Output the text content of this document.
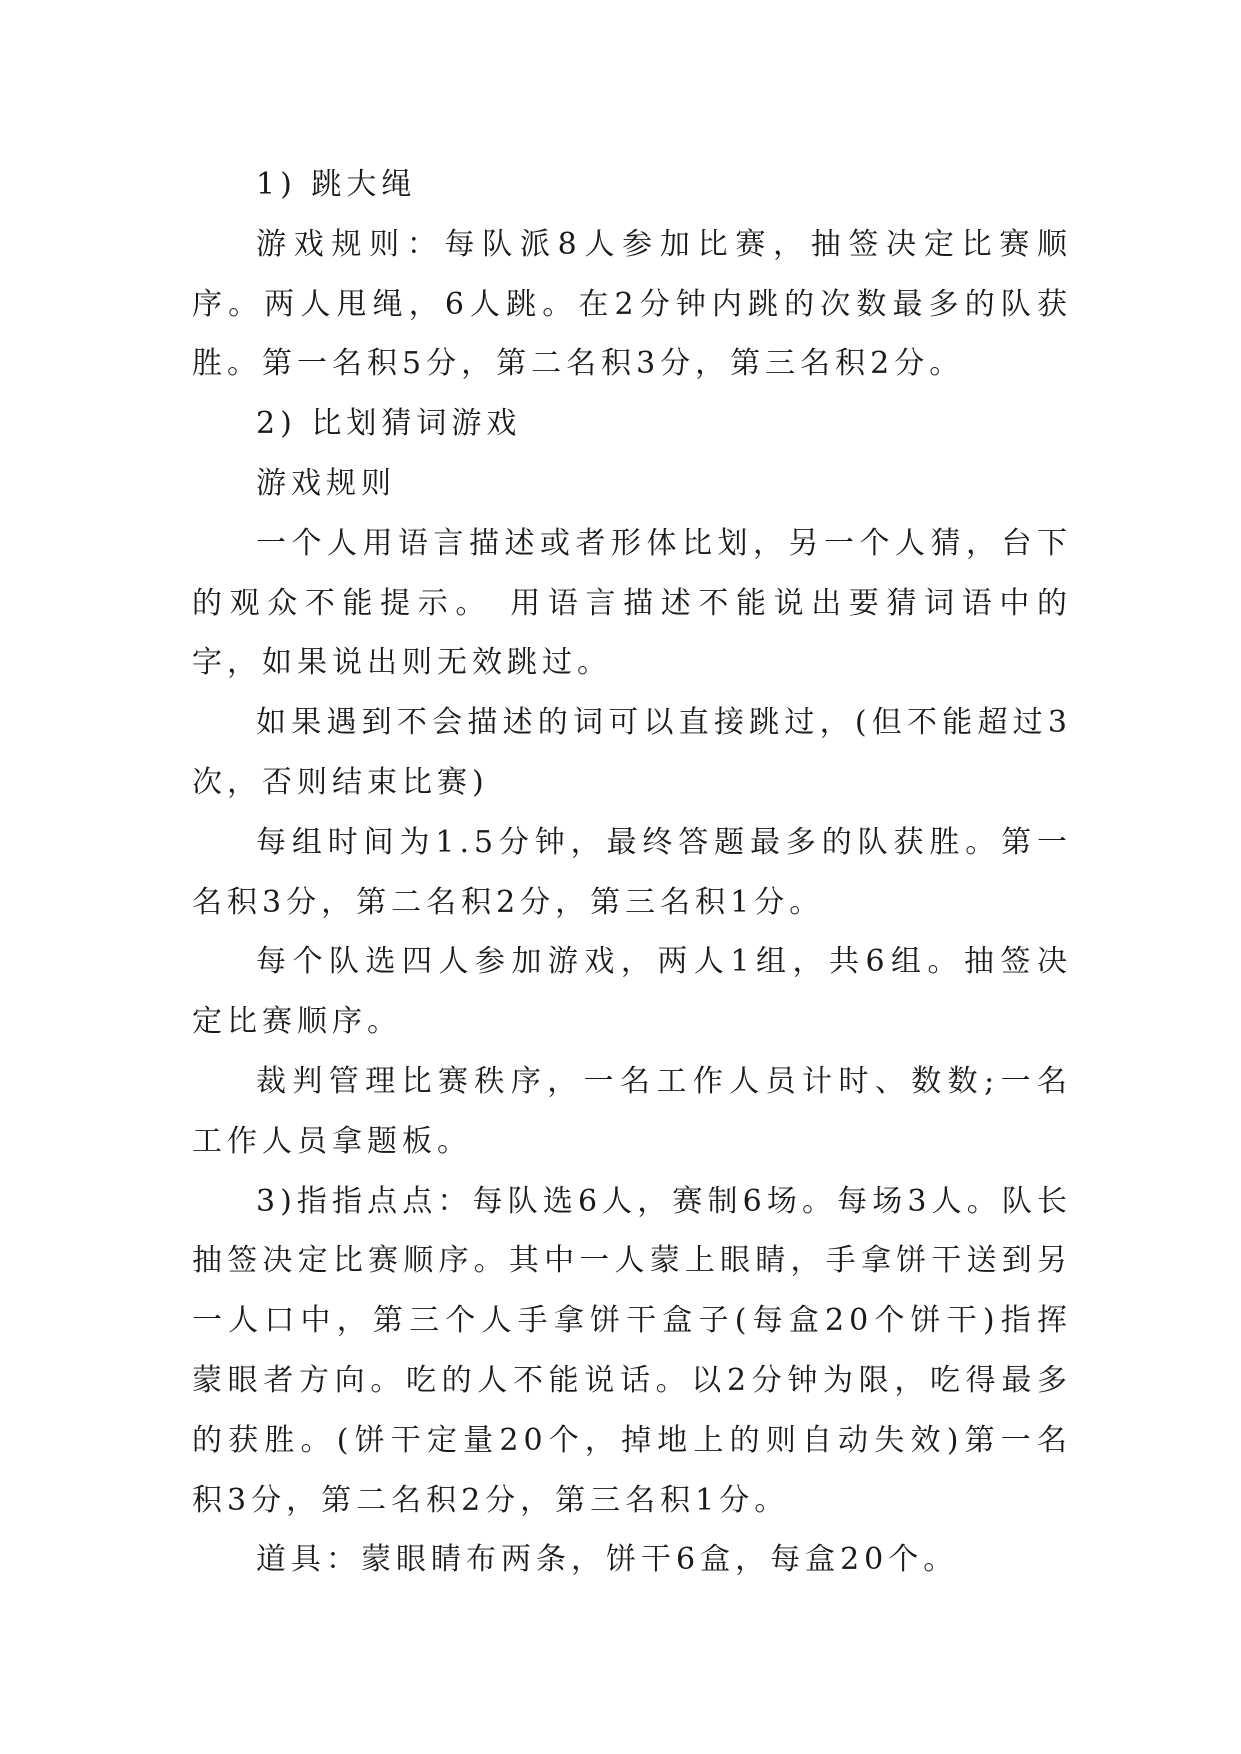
1) 跳大绳

游戏规则：每队派8人参加比赛，抽签决定比赛顺序。两人甩绳，6人跳。在2分钟内跳的次数最多的队获胜。第一名积5分，第二名积3分，第三名积2分。

2) 比划猜词游戏

游戏规则

一个人用语言描述或者形体比划，另一个人猜，台下的观众不能提示。 用语言描述不能说出要猜词语中的字，如果说出则无效跳过。

如果遇到不会描述的词可以直接跳过，(但不能超过3次，否则结束比赛)

每组时间为1.5分钟，最终答题最多的队获胜。第一名积3分，第二名积2分，第三名积1分。

每个队选四人参加游戏，两人1组，共6组。抽签决定比赛顺序。

裁判管理比赛秩序，一名工作人员计时、数数;一名工作人员拿题板。

3)指指点点：每队选6人，赛制6场。每场3人。队长抽签决定比赛顺序。其中一人蒙上眼睛，手拿饼干送到另一人口中，第三个人手拿饼干盒子(每盒20个饼干)指挥蒙眼者方向。吃的人不能说话。以2分钟为限，吃得最多的获胜。(饼干定量20个，掉地上的则自动失效)第一名积3分，第二名积2分，第三名积1分。

道具：蒙眼睛布两条，饼干6盒，每盒20个。
